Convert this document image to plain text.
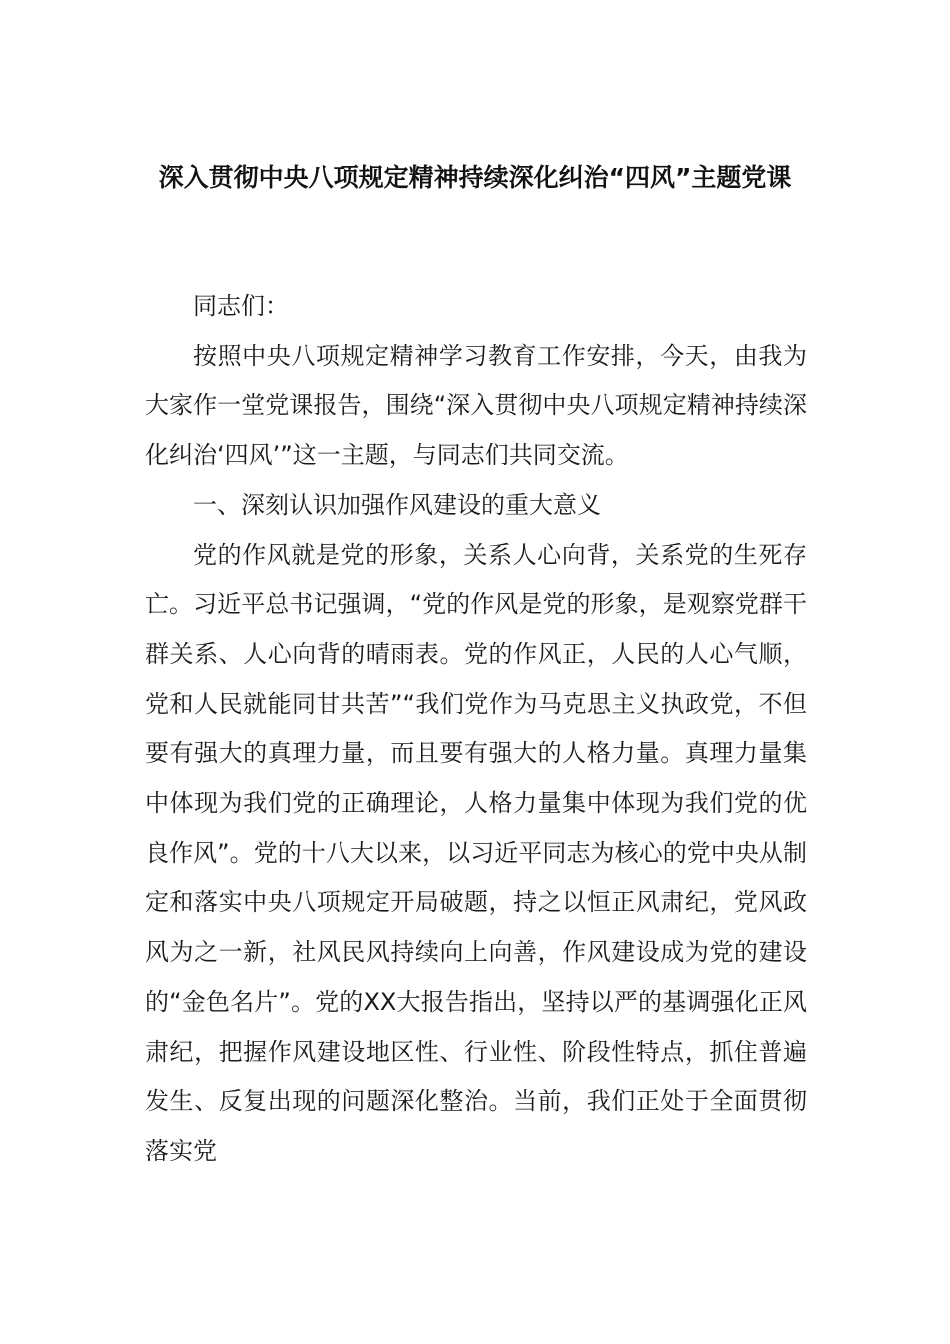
深入贯彻中央八项规定精神持续深化纠治“四风”主题党课

同志们：

按照中央八项规定精神学习教育工作安排，今天，由我为大家作一堂党课报告，围绕“深入贯彻中央八项规定精神持续深化纠治‘四风’”这一主题，与同志们共同交流。

一、深刻认识加强作风建设的重大意义

党的作风就是党的形象，关系人心向背，关系党的生死存亡。习近平总书记强调，“党的作风是党的形象，是观察党群干群关系、人心向背的晴雨表。党的作风正，人民的人心气顺，党和人民就能同甘共苦”“我们党作为马克思主义执政党，不但要有强大的真理力量，而且要有强大的人格力量。真理力量集中体现为我们党的正确理论，人格力量集中体现为我们党的优良作风”。党的十八大以来，以习近平同志为核心的党中央从制定和落实中央八项规定开局破题，持之以恒正风肃纪，党风政风为之一新，社风民风持续向上向善，作风建设成为党的建设的“金色名片”。党的XX大报告指出，坚持以严的基调强化正风肃纪，把握作风建设地区性、行业性、阶段性特点，抓住普遍发生、反复出现的问题深化整治。当前，我们正处于全面贯彻落实党
